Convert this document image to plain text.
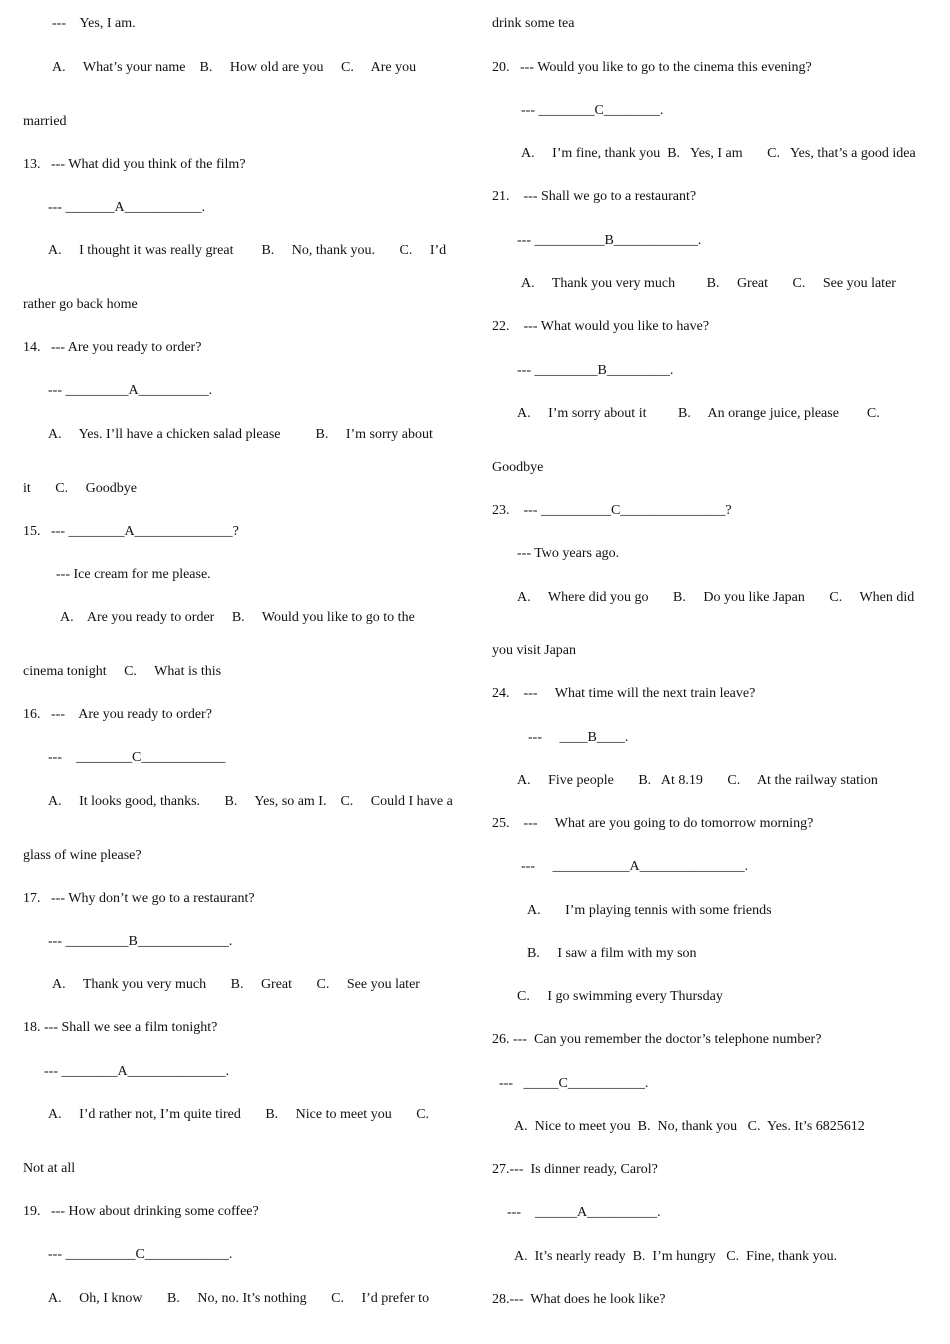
---    Yes, I am.
A.     What’s your name    B.     How old are you     C.     Are you
married
13.   --- What did you think of the film?
--- _______A___________.
A.     I thought it was really great        B.     No, thank you.       C.     I’d
rather go back home
14.   --- Are you ready to order?
--- _________A__________.
A.     Yes. I’ll have a chicken salad please          B.     I’m sorry about
it       C.     Goodbye
15.   --- ________A______________?
--- Ice cream for me please.
A.    Are you ready to order     B.     Would you like to go to the
cinema tonight     C.     What is this
16.   ---    Are you ready to order?
---    ________C____________
A.     It looks good, thanks.       B.     Yes, so am I.    C.     Could I have a
glass of wine please?
17.   --- Why don’t we go to a restaurant?
--- _________B_____________.
A.     Thank you very much       B.     Great       C.     See you later
18. --- Shall we see a film tonight?
--- ________A______________.
A.     I’d rather not, I’m quite tired       B.     Nice to meet you       C.
Not at all
19.   --- How about drinking some coffee?
--- __________C____________.
A.     Oh, I know       B.     No, no. It’s nothing       C.     I’d prefer to
drink some tea
20.   --- Would you like to go to the cinema this evening?
--- ________C________.
A.     I’m fine, thank you  B.   Yes, I am       C.   Yes, that’s a good idea
21.    --- Shall we go to a restaurant?
--- __________B____________.
A.     Thank you very much         B.     Great       C.     See you later
22.    --- What would you like to have?
--- _________B_________.
A.     I’m sorry about it         B.     An orange juice, please        C.
Goodbye
23.    --- __________C_______________?
--- Two years ago.
A.     Where did you go       B.     Do you like Japan       C.     When did
you visit Japan
24.    ---     What time will the next train leave?
---     ____B____.
A.     Five people       B.   At 8.19       C.     At the railway station
25.    ---     What are you going to do tomorrow morning?
---     ___________A_______________.
A.       I’m playing tennis with some friends
B.     I saw a film with my son
C.     I go swimming every Thursday
26. ---  Can you remember the doctor’s telephone number?
---   _____C___________.
A.  Nice to meet you  B.  No, thank you   C.  Yes. It’s 6825612
27.---  Is dinner ready, Carol?
---    ______A__________.
A.  It’s nearly ready  B.  I’m hungry   C.  Fine, thank you.
28.---  What does he look like?
